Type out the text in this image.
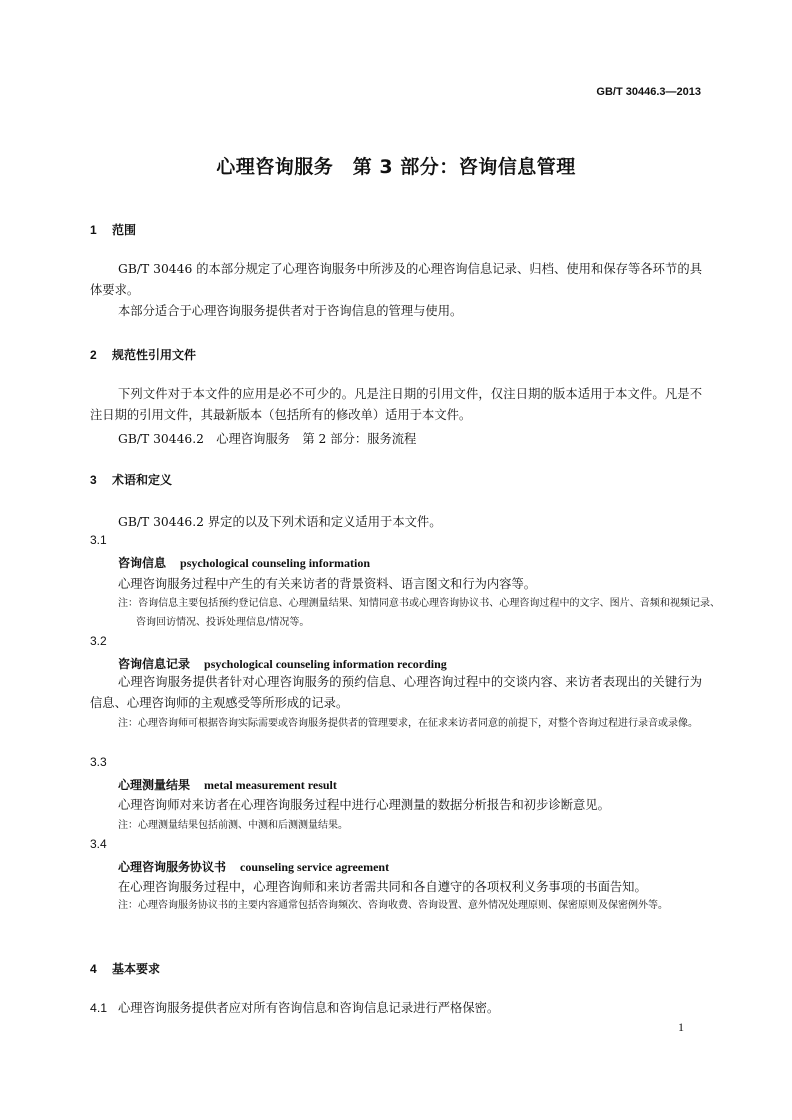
GB/T 30446.3—2013
心理咨询服务　第 3 部分：咨询信息管理
1 范围
GB/T 30446 的本部分规定了心理咨询服务中所涉及的心理咨询信息记录、归档、使用和保存等各环节的具体要求。
本部分适合于心理咨询服务提供者对于咨询信息的管理与使用。
2 规范性引用文件
下列文件对于本文件的应用是必不可少的。凡是注日期的引用文件，仅注日期的版本适用于本文件。凡是不注日期的引用文件，其最新版本（包括所有的修改单）适用于本文件。
GB/T 30446.2　心理咨询服务　第 2 部分：服务流程
3 术语和定义
GB/T 30446.2 界定的以及下列术语和定义适用于本文件。
3.1
咨询信息 psychological counseling information
心理咨询服务过程中产生的有关来访者的背景资料、语言图文和行为内容等。
注：咨询信息主要包括预约登记信息、心理测量结果、知情同意书或心理咨询协议书、心理咨询过程中的文字、图片、音频和视频记录、咨询回访情况、投诉处理信息/情况等。
3.2
咨询信息记录 psychological counseling information recording
心理咨询服务提供者针对心理咨询服务的预约信息、心理咨询过程中的交谈内容、来访者表现出的关键行为信息、心理咨询师的主观感受等所形成的记录。
注：心理咨询师可根据咨询实际需要或咨询服务提供者的管理要求，在征求来访者同意的前提下，对整个咨询过程进行录音或录像。
3.3
心理测量结果 metal measurement result
心理咨询师对来访者在心理咨询服务过程中进行心理测量的数据分析报告和初步诊断意见。
注：心理测量结果包括前测、中测和后测测量结果。
3.4
心理咨询服务协议书 counseling service agreement
在心理咨询服务过程中，心理咨询师和来访者需共同和各自遵守的各项权利义务事项的书面告知。
注：心理咨询服务协议书的主要内容通常包括咨询频次、咨询收费、咨询设置、意外情况处理原则、保密原则及保密例外等。
4 基本要求
4.1 心理咨询服务提供者应对所有咨询信息和咨询信息记录进行严格保密。
1
